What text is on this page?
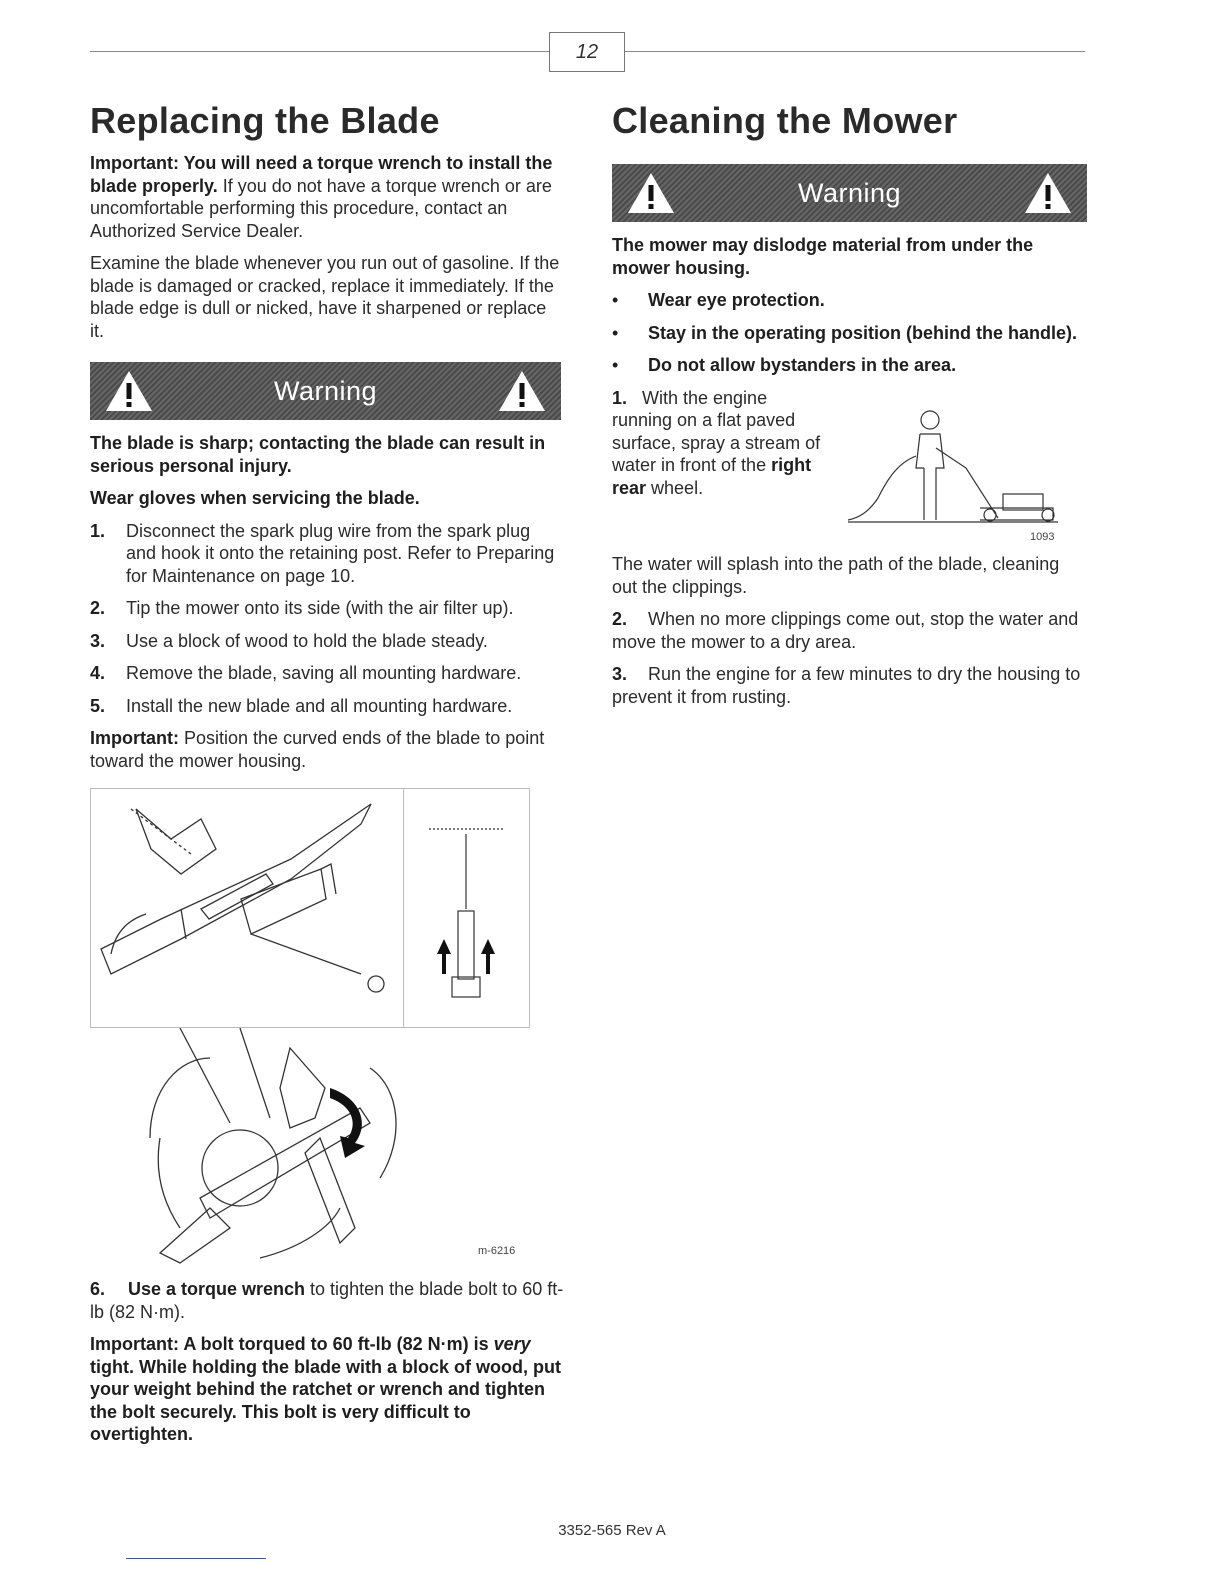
12
Replacing the Blade

Important: You will need a torque wrench to install the blade properly. If you do not have a torque wrench or are uncomfortable performing this procedure, contact an Authorized Service Dealer.

Examine the blade whenever you run out of gasoline. If the blade is damaged or cracked, replace it immediately. If the blade edge is dull or nicked, have it sharpened or replace it.

Warning

The blade is sharp; contacting the blade can result in serious personal injury.

Wear gloves when servicing the blade.

1.	Disconnect the spark plug wire from the spark plug and hook it onto the retaining post. Refer to Preparing for Maintenance on page 10.

2.	Tip the mower onto its side (with the air filter up).

3.	Use a block of wood to hold the blade steady.

4.	Remove the blade, saving all mounting hardware.

5.	Install the new blade and all mounting hardware.

Important: Position the curved ends of the blade to point toward the mower housing.

m-6216

6. Use a torque wrench to tighten the blade bolt to 60 ft-lb (82 N·m).

Important: A bolt torqued to 60 ft-lb (82 N·m) is very tight. While holding the blade with a block of wood, put your weight behind the ratchet or wrench and tighten the bolt securely. This bolt is very difficult to overtighten.

Cleaning the Mower
Warning

The mower may dislodge material from under the mower housing.

•	Wear eye protection.
•	Stay in the operating position (behind the handle).
•	Do not allow bystanders in the area.

1. With the engine running on a flat paved surface, spray a stream of water in front of the right rear wheel.

1093

The water will splash into the path of the blade, cleaning out the clippings.

2. When no more clippings come out, stop the water and move the mower to a dry area.

3. Run the engine for a few minutes to dry the housing to prevent it from rusting.

3352-565 Rev A
